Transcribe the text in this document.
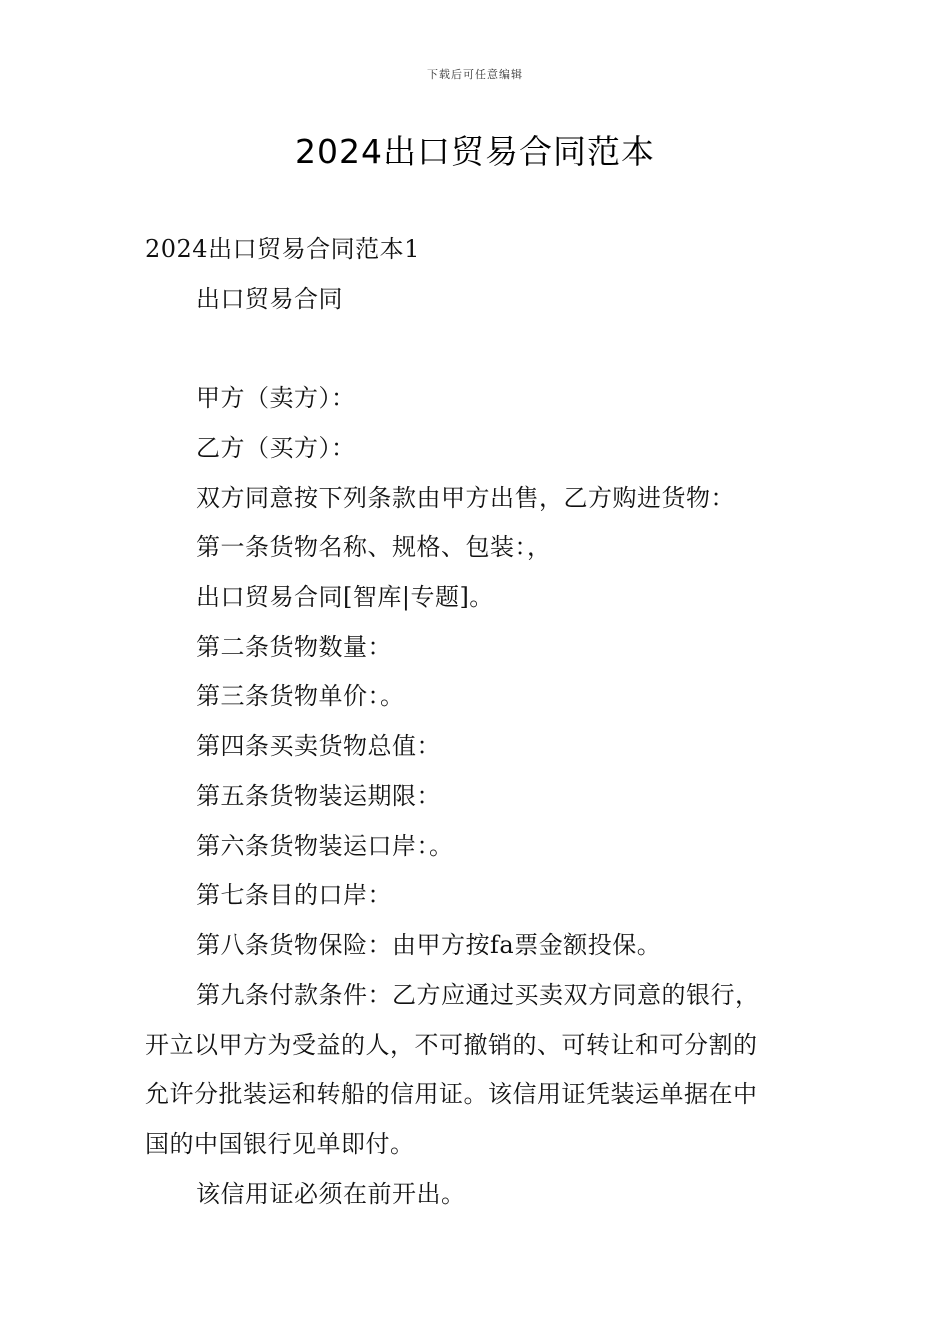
下载后可任意编辑
2024出口贸易合同范本
2024出口贸易合同范本1
出口贸易合同
甲方（卖方）：
乙方（买方）：
双方同意按下列条款由甲方出售，乙方购进货物：
第一条货物名称、规格、包装：，
出口贸易合同[智库|专题]。
第二条货物数量：
第三条货物单价：。
第四条买卖货物总值：
第五条货物装运期限：
第六条货物装运口岸：。
第七条目的口岸：
第八条货物保险：由甲方按fa票金额投保。
第九条付款条件：乙方应通过买卖双方同意的银行，
开立以甲方为受益的人，不可撤销的、可转让和可分割的
允许分批装运和转船的信用证。该信用证凭装运单据在中
国的中国银行见单即付。
该信用证必须在前开出。
